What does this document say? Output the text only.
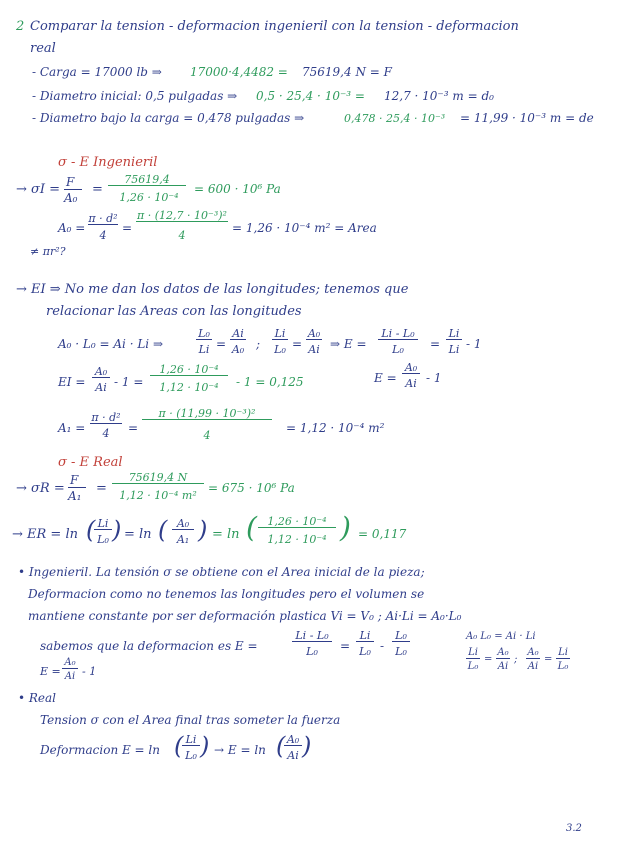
2 Comparar la tension - deformacion ingenieril con la tension - deformacion
real
- Carga = 17000 lb ⇒ 17000·4,4482 = 75619,4 N = F
- Diametro inicial: 0,5 pulgadas ⇒ 0,5 · 25,4 · 10⁻³ = 12,7 · 10⁻³ m = d₀
- Diametro bajo la carga = 0,478 pulgadas ⇒	0,478 · 25,4 · 10⁻³ = 11,99 · 10⁻³ m = de
σ - E Ingenieril
→ σI = F
A₀
=
75619,4
1,26 · 10⁻⁴
= 600 · 10⁶ Pa
A₀ =
π · d²
4
=
π · (12,7 · 10⁻³)²
4
= 1,26 · 10⁻⁴ m² = Area
≠ πr²?
→ EI ⇒ No me dan los datos de las longitudes; tenemos que
relacionar las Areas con las longitudes
A₀ · L₀ = Ai · Li ⇒
L₀
Li =
Ai
A₀ ;
Li
L₀ =
A₀
Ai ⇒ E =
Li - L₀
L₀	=
Li
Li - 1
EI =
A₀
Ai - 1 =
1,26 · 10⁻⁴
1,12 · 10⁻⁴	- 1 = 0,125	E =
A₀
Ai - 1
A₁ =
π · d²
4	=
π · (11,99 · 10⁻³)²
4
= 1,12 · 10⁻⁴ m²
σ - E Real
→ σR =
F
A₁ =
75619,4 N
1,12 · 10⁻⁴ m²
= 675 · 10⁶ Pa
→ ER = ln ( Li
L₀ ) = ln ( A₀
A₁ ) = ln ( 1,26 · 10⁻⁴
1,12 · 10⁻⁴ ) = 0,117
• Ingenieril. La tensión σ se obtiene con el Area inicial de la pieza;
Deformacion como no tenemos las longitudes pero el volumen se
mantiene constante por ser deformación plastica Vi = V₀ ; Ai·Li = A₀·L₀
sabemos que la deformacion es E =
Li - L₀
L₀	=
Li
L₀ -
L₀
L₀
A₀ L₀ = Ai · Li
Li
L₀
=
A₀
Ai
;
A₀
Ai
=
Li
L₀
E =
A₀
Ai - 1
• Real
Tension σ con el Area final tras someter la fuerza
Deformacion E = ln ( Li
L₀ ) → E = ln ( A₀
Ai )
3.2
